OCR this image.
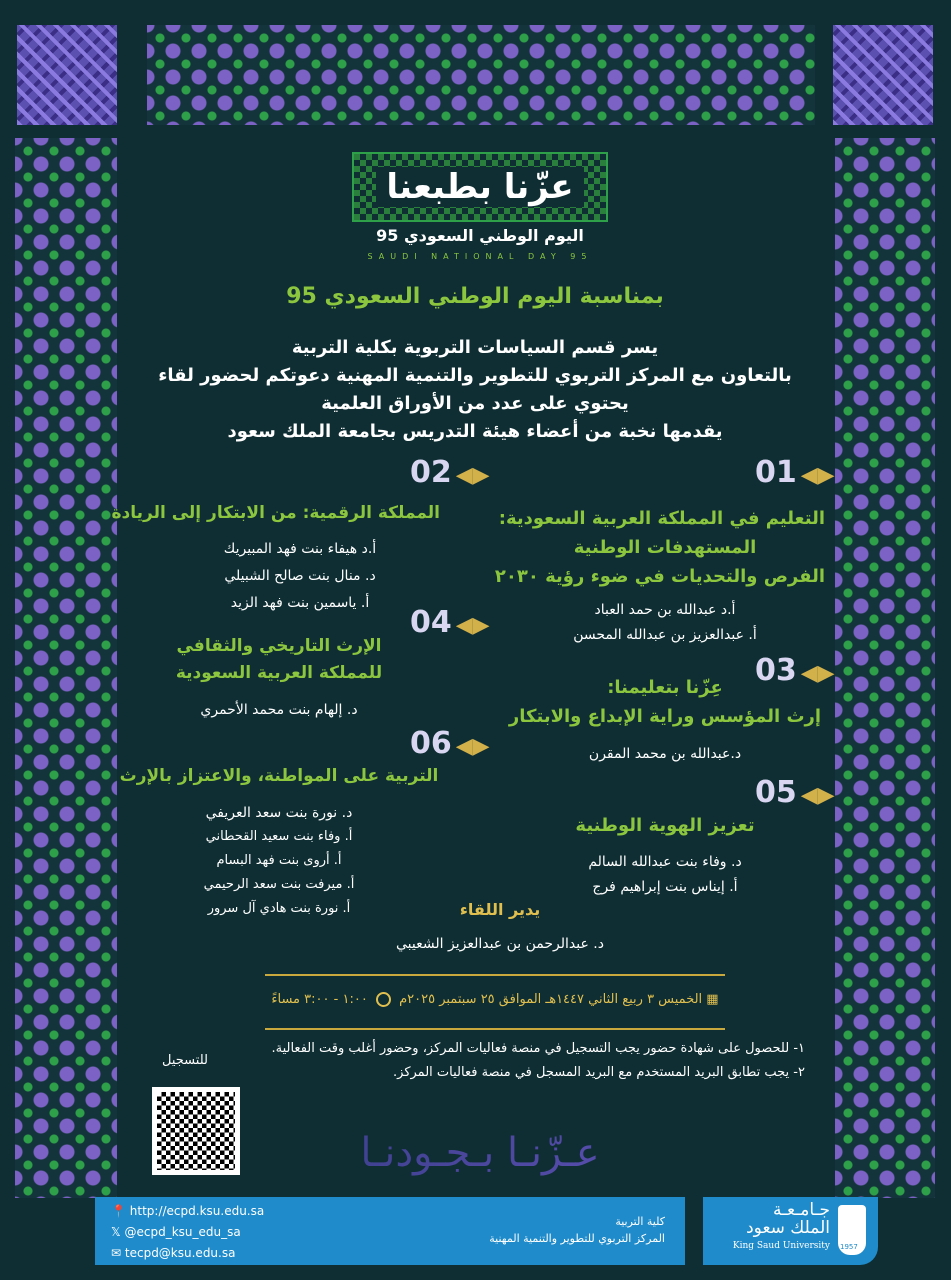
عزّنا بطبعنا
اليوم الوطني السعودي 95
SAUDI NATIONAL DAY 95
بمناسبة اليوم الوطني السعودي 95
يسر قسم السياسات التربوية بكلية التربية
بالتعاون مع المركز التربوي للتطوير والتنمية المهنية دعوتكم لحضور لقاء
يحتوي على عدد من الأوراق العلمية
يقدمها نخبة من أعضاء هيئة التدريس بجامعة الملك سعود
01 ◀▶
التعليم في المملكة العربية السعودية:
المستهدفات الوطنية
الفرص والتحديات في ضوء رؤية ٢٠٣٠
أ.د عبدالله بن حمد العباد
أ. عبدالعزيز بن عبدالله المحسن
03 ◀▶
عِزّنا بتعليمنا:
إرث المؤسس وراية الإبداع والابتكار
د.عبدالله بن محمد المقرن
05 ◀▶
تعزيز الهوية الوطنية
د. وفاء بنت عبدالله السالم
أ. إيناس بنت إبراهيم فرج
02 ◀▶
المملكة الرقمية: من الابتكار إلى الريادة
أ.د هيفاء بنت فهد المبيريك
د. منال بنت صالح الشبيلي
أ. ياسمين بنت فهد الزيد
04 ◀▶
الإرث التاريخي والثقافي
للمملكة العربية السعودية
د. إلهام بنت محمد الأحمري
06 ◀▶
التربية على المواطنة، والاعتزاز بالإرث
د. نورة بنت سعد العريفي
أ. وفاء بنت سعيد القحطاني
أ. أروى بنت فهد البسام
أ. ميرفت بنت سعد الرحيمي
أ. نورة بنت هادي آل سرور	يدير اللقاء
د. عبدالرحمن بن عبدالعزيز الشعيبي
▦ الخميس ٣ ربيع الثاني ١٤٤٧هـ الموافق ٢٥ سبتمبر ٢٠٢٥م  ١:٠٠ - ٣:٠٠ مساءً
١- للحصول على شهادة حضور يجب التسجيل في منصة فعاليات المركز، وحضور أغلب وقت الفعالية.
٢- يجب تطابق البريد المستخدم مع البريد المسجل في منصة فعاليات المركز.
للتسجيل
عـزّنـا بـجـودنـا
📍 http://ecpd.ksu.edu.sa
𝕏 @ecpd_ksu_edu_sa
✉ tecpd@ksu.edu.sa
كلية التربية
المركز التربوي للتطوير والتنمية المهنية
1957
جـامـعـة
الملك سعود
King Saud University
